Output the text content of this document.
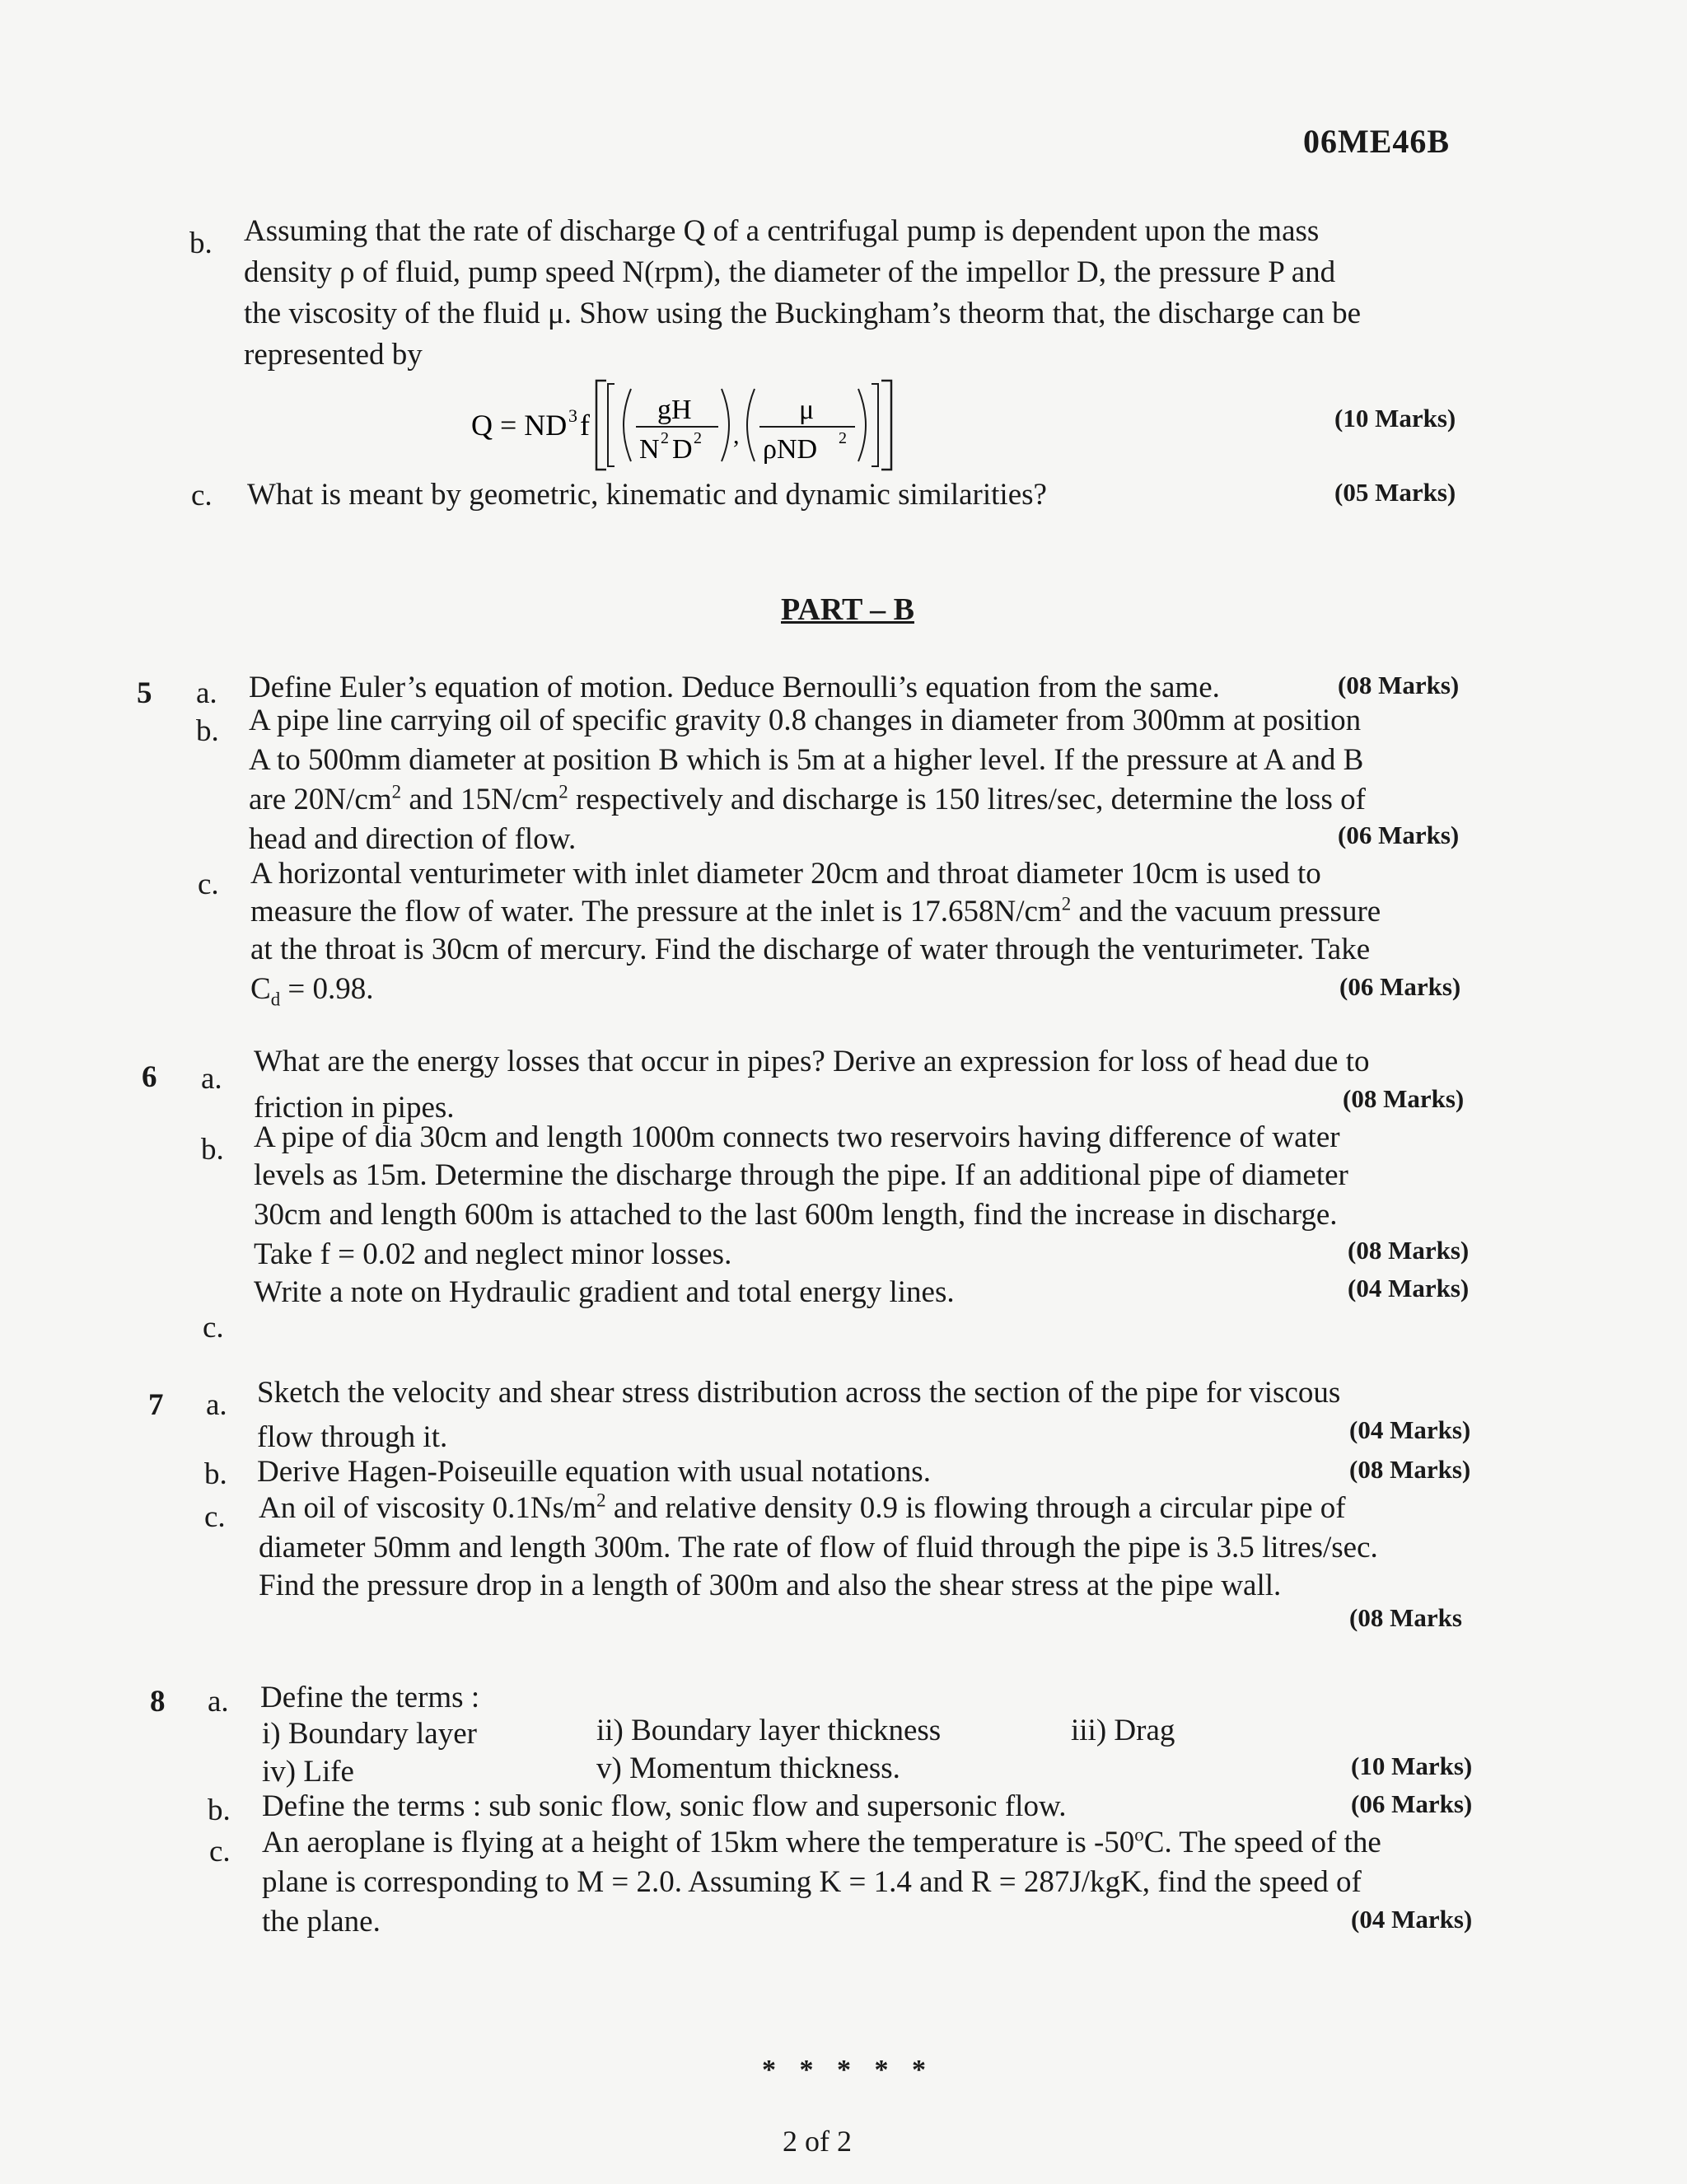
06ME46B
b. Assuming that the rate of discharge Q of a centrifugal pump is dependent upon the mass
density ρ of fluid, pump speed N(rpm), the diameter of the impellor D, the pressure P and
the viscosity of the fluid μ. Show using the Buckingham’s theorm that, the discharge can be
represented by
Q = ND 3 f gH
N 2 D 2 ,
μ
ρND 2
(10 Marks)
c. What is meant by geometric, kinematic and dynamic similarities?	(05 Marks)
PART – B
5 a. Define Euler’s equation of motion. Deduce Bernoulli’s equation from the same.	(08 Marks)
b. A pipe line carrying oil of specific gravity 0.8 changes in diameter from 300mm at position
A to 500mm diameter at position B which is 5m at a higher level. If the pressure at A and B
are $20N/cm^2$ and $15N/cm^2$ respectively and discharge is 150 litres/sec, determine the loss of
head and direction of flow.	(06 Marks)
c. A horizontal venturimeter with inlet diameter 20cm and throat diameter 10cm is used to
measure the flow of water. The pressure at the inlet is $17.658N/cm^2$ and the vacuum pressure
at the throat is 30cm of mercury. Find the discharge of water through the venturimeter. Take
$C_d = 0.98$.	(06 Marks)
6 a.
What are the energy losses that occur in pipes? Derive an expression for loss of head due to
friction in pipes.	(08 Marks)
b. A pipe of dia 30cm and length 1000m connects two reservoirs having difference of water
levels as 15m. Determine the discharge through the pipe. If an additional pipe of diameter
30cm and length 600m is attached to the last 600m length, find the increase in discharge.
Take f = 0.02 and neglect minor losses.	(08 Marks)
Write a note on Hydraulic gradient and total energy lines.	(04 Marks)
c.
7 a. Sketch the velocity and shear stress distribution across the section of the pipe for viscous
flow through it.	(04 Marks)
b. Derive Hagen-Poiseuille equation with usual notations.	(08 Marks)
c. An oil of viscosity $0.1Ns/m^2$ and relative density 0.9 is flowing through a circular pipe of
diameter 50mm and length 300m. The rate of flow of fluid through the pipe is 3.5 litres/sec.
Find the pressure drop in a length of 300m and also the shear stress at the pipe wall.
(08 Marks
8 a. Define the terms :
i) Boundary layer	ii) Boundary layer thickness	iii) Drag
iv) Life	v) Momentum thickness.	(10 Marks)
b. Define the terms : sub sonic flow, sonic flow and supersonic flow.	(06 Marks)
c. An aeroplane is flying at a height of 15km where the temperature is -50$^o$C. The speed of the
plane is corresponding to M = 2.0. Assuming K = 1.4 and R = 287J/kgK, find the speed of
the plane.	(04 Marks)
* * * * *
2 of 2
